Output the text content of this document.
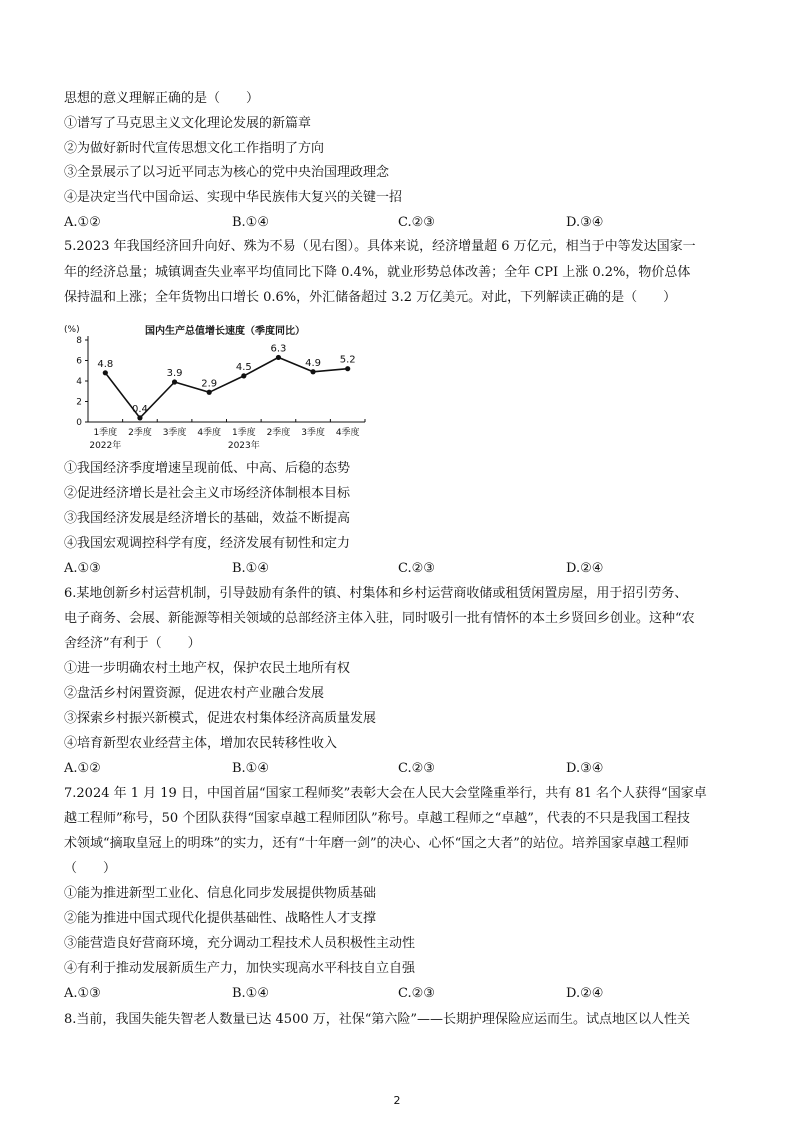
思想的意义理解正确的是（　　）
①谱写了马克思主义文化理论发展的新篇章
②为做好新时代宣传思想文化工作指明了方向
③全景展示了以习近平同志为核心的党中央治国理政理念
④是决定当代中国命运、实现中华民族伟大复兴的关键一招
A.①②	B.①④	C.②③	D.③④
5.2023 年我国经济回升向好、殊为不易（见右图）。具体来说，经济增量超 6 万亿元，相当于中等发达国家一
年的经济总量；城镇调查失业率平均值同比下降 0.4%，就业形势总体改善；全年 CPI 上涨 0.2%，物价总体
保持温和上涨；全年货物出口增长 0.6%，外汇储备超过 3.2 万亿美元。对此，下列解读正确的是（　　）
国内生产总值增长速度（季度同比）
(%)
0
2
4
6
8
1季度 2季度 3季度 4季度 1季度 2季度 3季度 4季度
2022年	2023年
4.8
0.4
3.9
2.9
4.5
6.3
4.9 5.2
①我国经济季度增速呈现前低、中高、后稳的态势
②促进经济增长是社会主义市场经济体制根本目标
③我国经济发展是经济增长的基础，效益不断提高
④我国宏观调控科学有度，经济发展有韧性和定力
A.①③	B.①④	C.②③	D.②④
6.某地创新乡村运营机制，引导鼓励有条件的镇、村集体和乡村运营商收储或租赁闲置房屋，用于招引劳务、
电子商务、会展、新能源等相关领域的总部经济主体入驻，同时吸引一批有情怀的本土乡贤回乡创业。这种“农
舍经济”有利于（　　）
①进一步明确农村土地产权，保护农民土地所有权
②盘活乡村闲置资源，促进农村产业融合发展
③探索乡村振兴新模式，促进农村集体经济高质量发展
④培育新型农业经营主体，增加农民转移性收入
A.①②	B.①④	C.②③	D.③④
7.2024 年 1 月 19 日，中国首届“国家工程师奖”表彰大会在人民大会堂隆重举行，共有 81 名个人获得“国家卓
越工程师”称号，50 个团队获得“国家卓越工程师团队”称号。卓越工程师之“卓越”，代表的不只是我国工程技
术领域“摘取皇冠上的明珠”的实力，还有“十年磨一剑”的决心、心怀“国之大者”的站位。培养国家卓越工程师
（　　）
①能为推进新型工业化、信息化同步发展提供物质基础
②能为推进中国式现代化提供基础性、战略性人才支撑
③能营造良好营商环境，充分调动工程技术人员积极性主动性
④有利于推动发展新质生产力，加快实现高水平科技自立自强
A.①③	B.①④	C.②③	D.②④
8.当前，我国失能失智老人数量已达 4500 万，社保“第六险”——长期护理保险应运而生。试点地区以人性关
2
